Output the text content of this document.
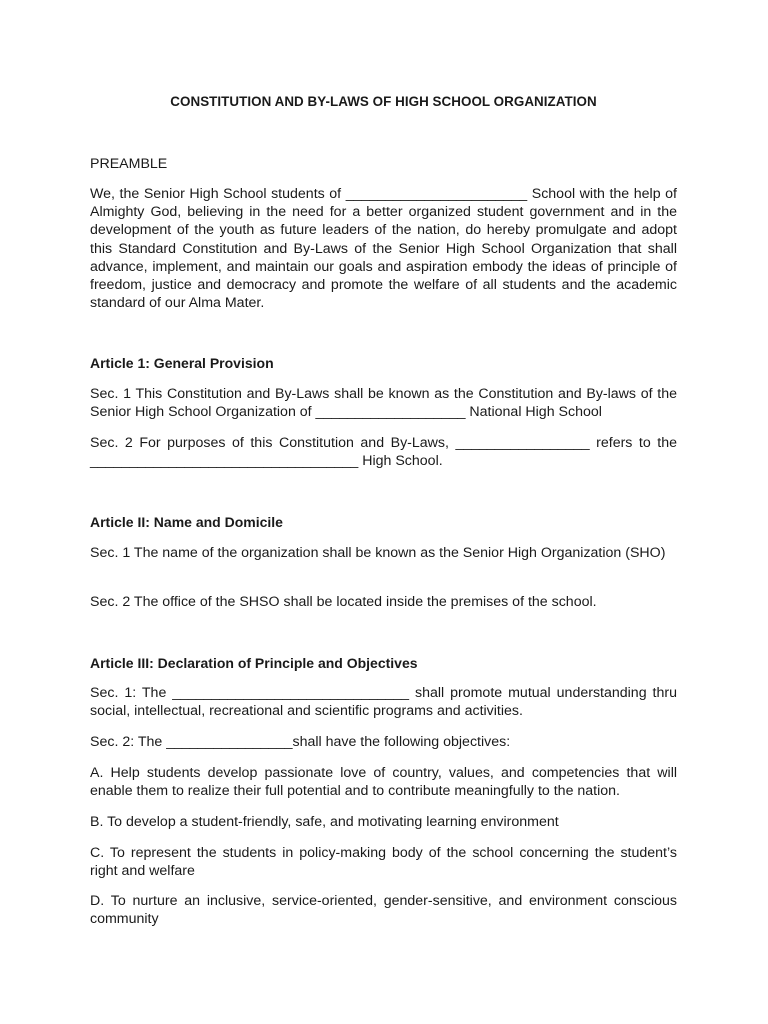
CONSTITUTION AND BY-LAWS OF HIGH SCHOOL ORGANIZATION
PREAMBLE
We, the Senior High School students of _______________________ School with the help of Almighty God, believing in the need for a better organized student government and in the development of the youth as future leaders of the nation, do hereby promulgate and adopt this Standard Constitution and By-Laws of the Senior High School Organization that shall advance, implement, and maintain our goals and aspiration embody the ideas of principle of freedom, justice and democracy and promote the welfare of all students and the academic standard of our Alma Mater.
Article 1: General Provision
Sec. 1 This Constitution and By-Laws shall be known as the Constitution and By-laws of the Senior High School Organization of ___________________ National High School
Sec. 2 For purposes of this Constitution and By-Laws, _________________ refers to the __________________________________ High School.
Article II: Name and Domicile
Sec. 1 The name of the organization shall be known as the Senior High Organization (SHO)
Sec. 2 The office of the SHSO shall be located inside the premises of the school.
Article III: Declaration of Principle and Objectives
Sec. 1: The ______________________________ shall promote mutual understanding thru social, intellectual, recreational and scientific programs and activities.
Sec. 2: The ________________shall have the following objectives:
A. Help students develop passionate love of country, values, and competencies that will enable them to realize their full potential and to contribute meaningfully to the nation.
B. To develop a student-friendly, safe, and motivating learning environment
C. To represent the students in policy-making body of the school concerning the student’s right and welfare
D. To nurture an inclusive, service-oriented, gender-sensitive, and environment conscious community
